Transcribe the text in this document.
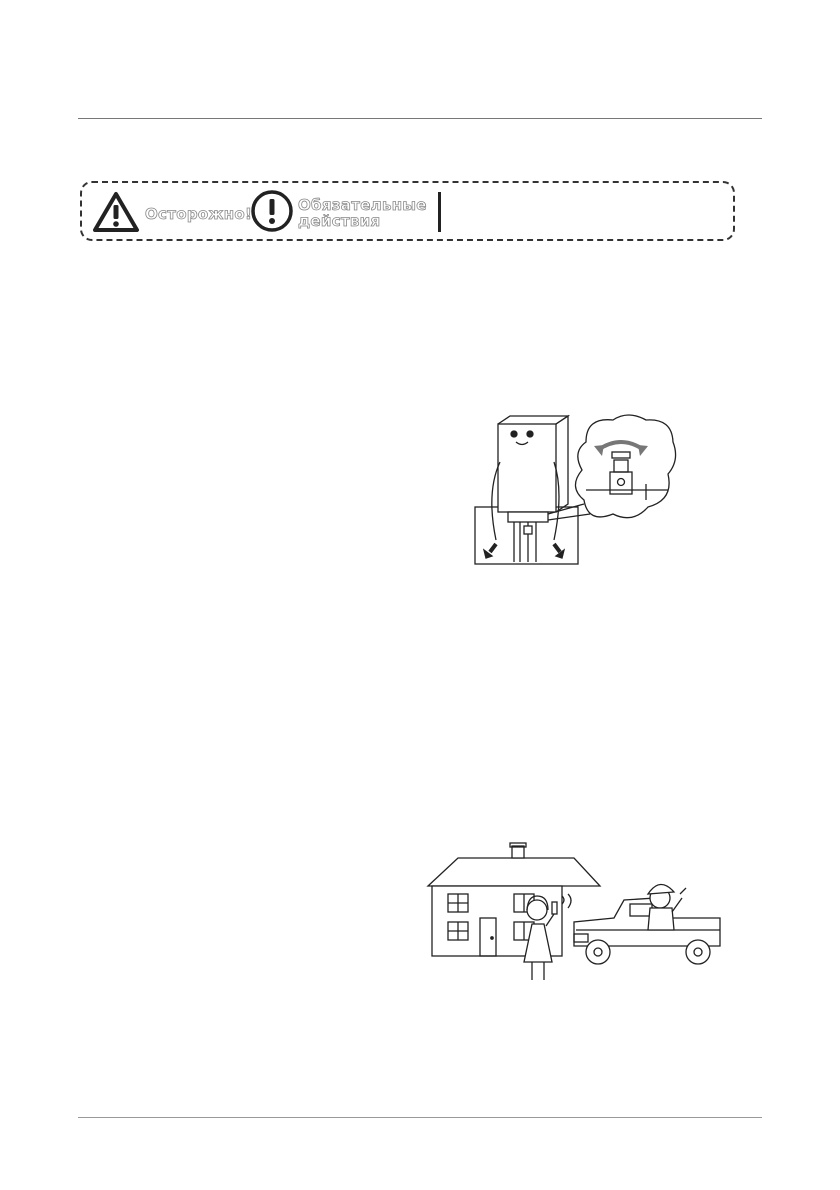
Осторожно!	Обязательные действия
